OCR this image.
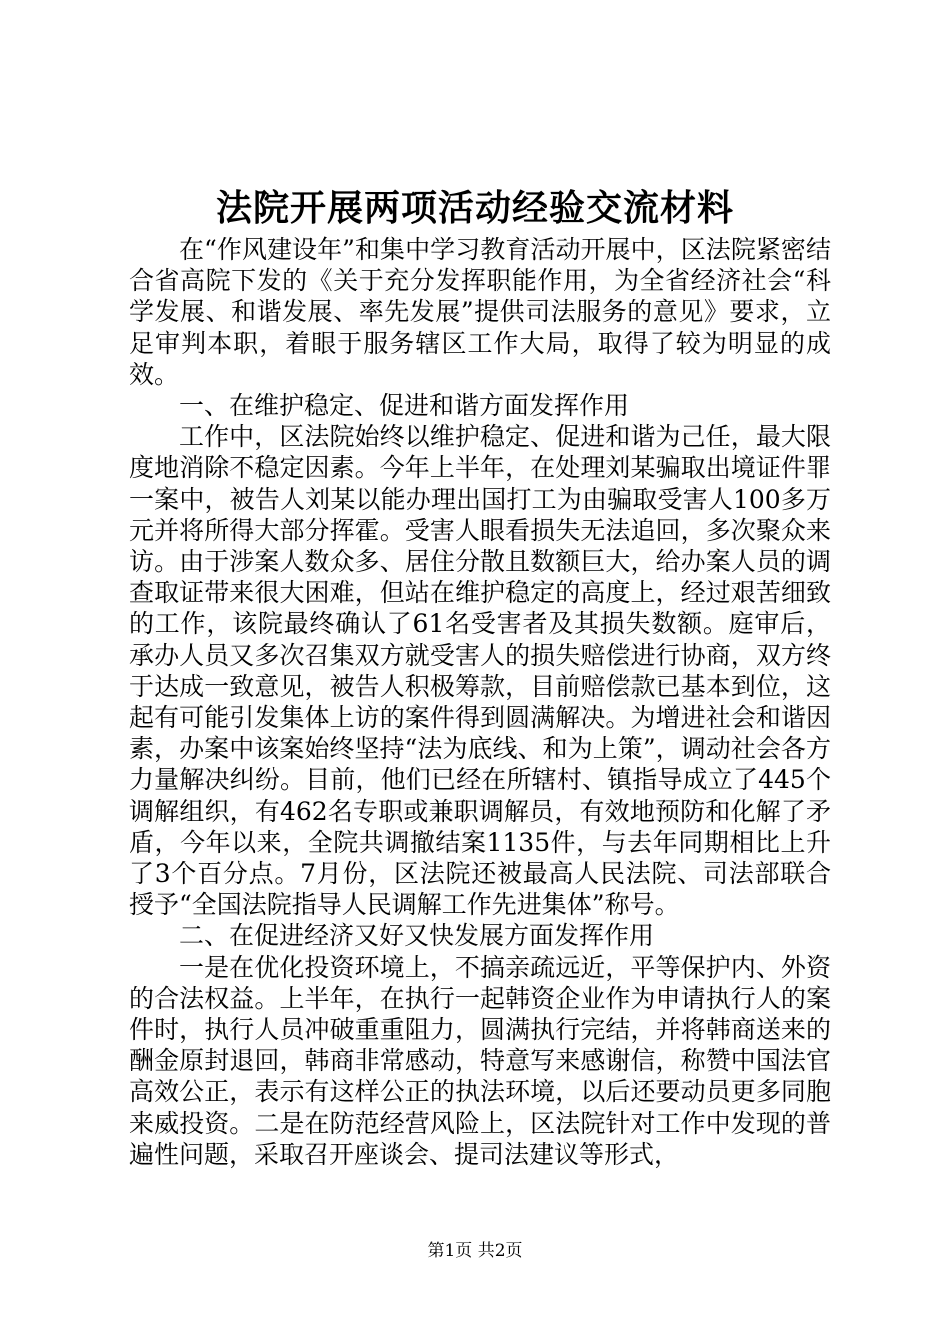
法院开展两项活动经验交流材料

在“作风建设年”和集中学习教育活动开展中，区法院紧密结合省高院下发的《关于充分发挥职能作用，为全省经济社会“科学发展、和谐发展、率先发展”提供司法服务的意见》要求，立足审判本职，着眼于服务辖区工作大局，取得了较为明显的成效。

一、在维护稳定、促进和谐方面发挥作用

工作中，区法院始终以维护稳定、促进和谐为己任，最大限度地消除不稳定因素。今年上半年，在处理刘某骗取出境证件罪一案中，被告人刘某以能办理出国打工为由骗取受害人100多万元并将所得大部分挥霍。受害人眼看损失无法追回，多次聚众来访。由于涉案人数众多、居住分散且数额巨大，给办案人员的调查取证带来很大困难，但站在维护稳定的高度上，经过艰苦细致的工作，该院最终确认了61名受害者及其损失数额。庭审后，承办人员又多次召集双方就受害人的损失赔偿进行协商，双方终于达成一致意见，被告人积极筹款，目前赔偿款已基本到位，这起有可能引发集体上访的案件得到圆满解决。为增进社会和谐因素，办案中该案始终坚持“法为底线、和为上策”，调动社会各方力量解决纠纷。目前，他们已经在所辖村、镇指导成立了445个调解组织，有462名专职或兼职调解员，有效地预防和化解了矛盾，今年以来，全院共调撤结案1135件，与去年同期相比上升了3个百分点。7月份，区法院还被最高人民法院、司法部联合授予“全国法院指导人民调解工作先进集体”称号。

二、在促进经济又好又快发展方面发挥作用

一是在优化投资环境上，不搞亲疏远近，平等保护内、外资的合法权益。上半年，在执行一起韩资企业作为申请执行人的案件时，执行人员冲破重重阻力，圆满执行完结，并将韩商送来的酬金原封退回，韩商非常感动，特意写来感谢信，称赞中国法官高效公正，表示有这样公正的执法环境，以后还要动员更多同胞来威投资。二是在防范经营风险上，区法院针对工作中发现的普遍性问题，采取召开座谈会、提司法建议等形式，

第1页 共2页
